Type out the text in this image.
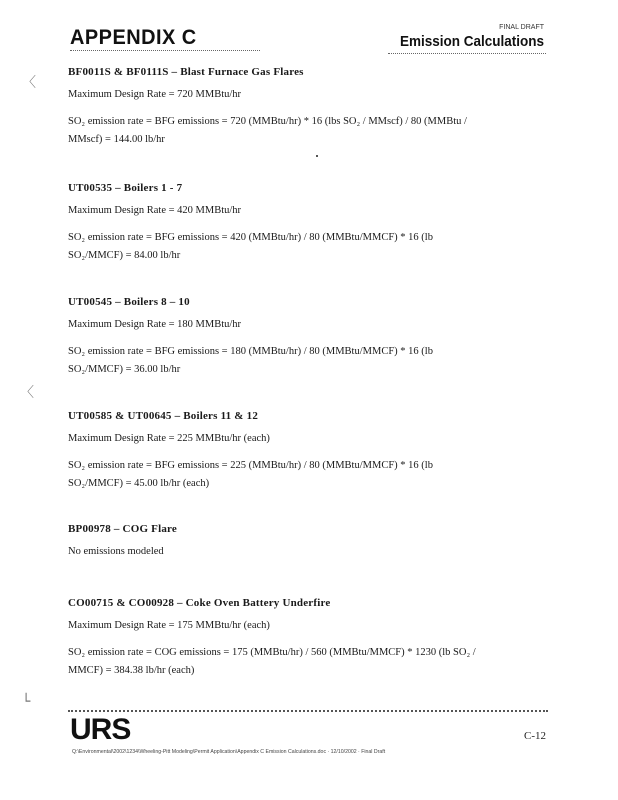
APPENDIX C	FINAL DRAFT
Emission Calculations
〈
〈
└

BF0011S & BF0111S – Blast Furnace Gas Flares

Maximum Design Rate = 720 MMBtu/hr

SO₂ emission rate = BFG emissions = 720 (MMBtu/hr) * 16 (lbs SO₂ / MMscf) / 80 (MMBtu /

MMscf) = 144.00 lb/hr

UT00535 – Boilers 1 - 7

Maximum Design Rate = 420 MMBtu/hr

SO₂ emission rate = BFG emissions = 420 (MMBtu/hr) / 80 (MMBtu/MMCF) * 16 (lb

SO₂/MMCF) = 84.00 lb/hr

UT00545 – Boilers 8 – 10

Maximum Design Rate = 180 MMBtu/hr

SO₂ emission rate = BFG emissions = 180 (MMBtu/hr) / 80 (MMBtu/MMCF) * 16 (lb

SO₂/MMCF) = 36.00 lb/hr

UT00585 & UT00645 – Boilers 11 & 12

Maximum Design Rate = 225 MMBtu/hr (each)

SO₂ emission rate = BFG emissions = 225 (MMBtu/hr) / 80 (MMBtu/MMCF) * 16 (lb

SO₂/MMCF) = 45.00 lb/hr (each)

BP00978 – COG Flare

No emissions modeled

CO00715 & CO00928 – Coke Oven Battery Underfire

Maximum Design Rate = 175 MMBtu/hr (each)

SO₂ emission rate = COG emissions = 175 (MMBtu/hr) / 560 (MMBtu/MMCF) * 1230 (lb SO₂ /

MMCF) = 384.38 lb/hr (each)

URS	C-12
Q:\Environmental\2002\1234\Wheeling-Pitt Modeling\Permit Application\Appendix C Emission Calculations.doc · 12/10/2002 · Final Draft
